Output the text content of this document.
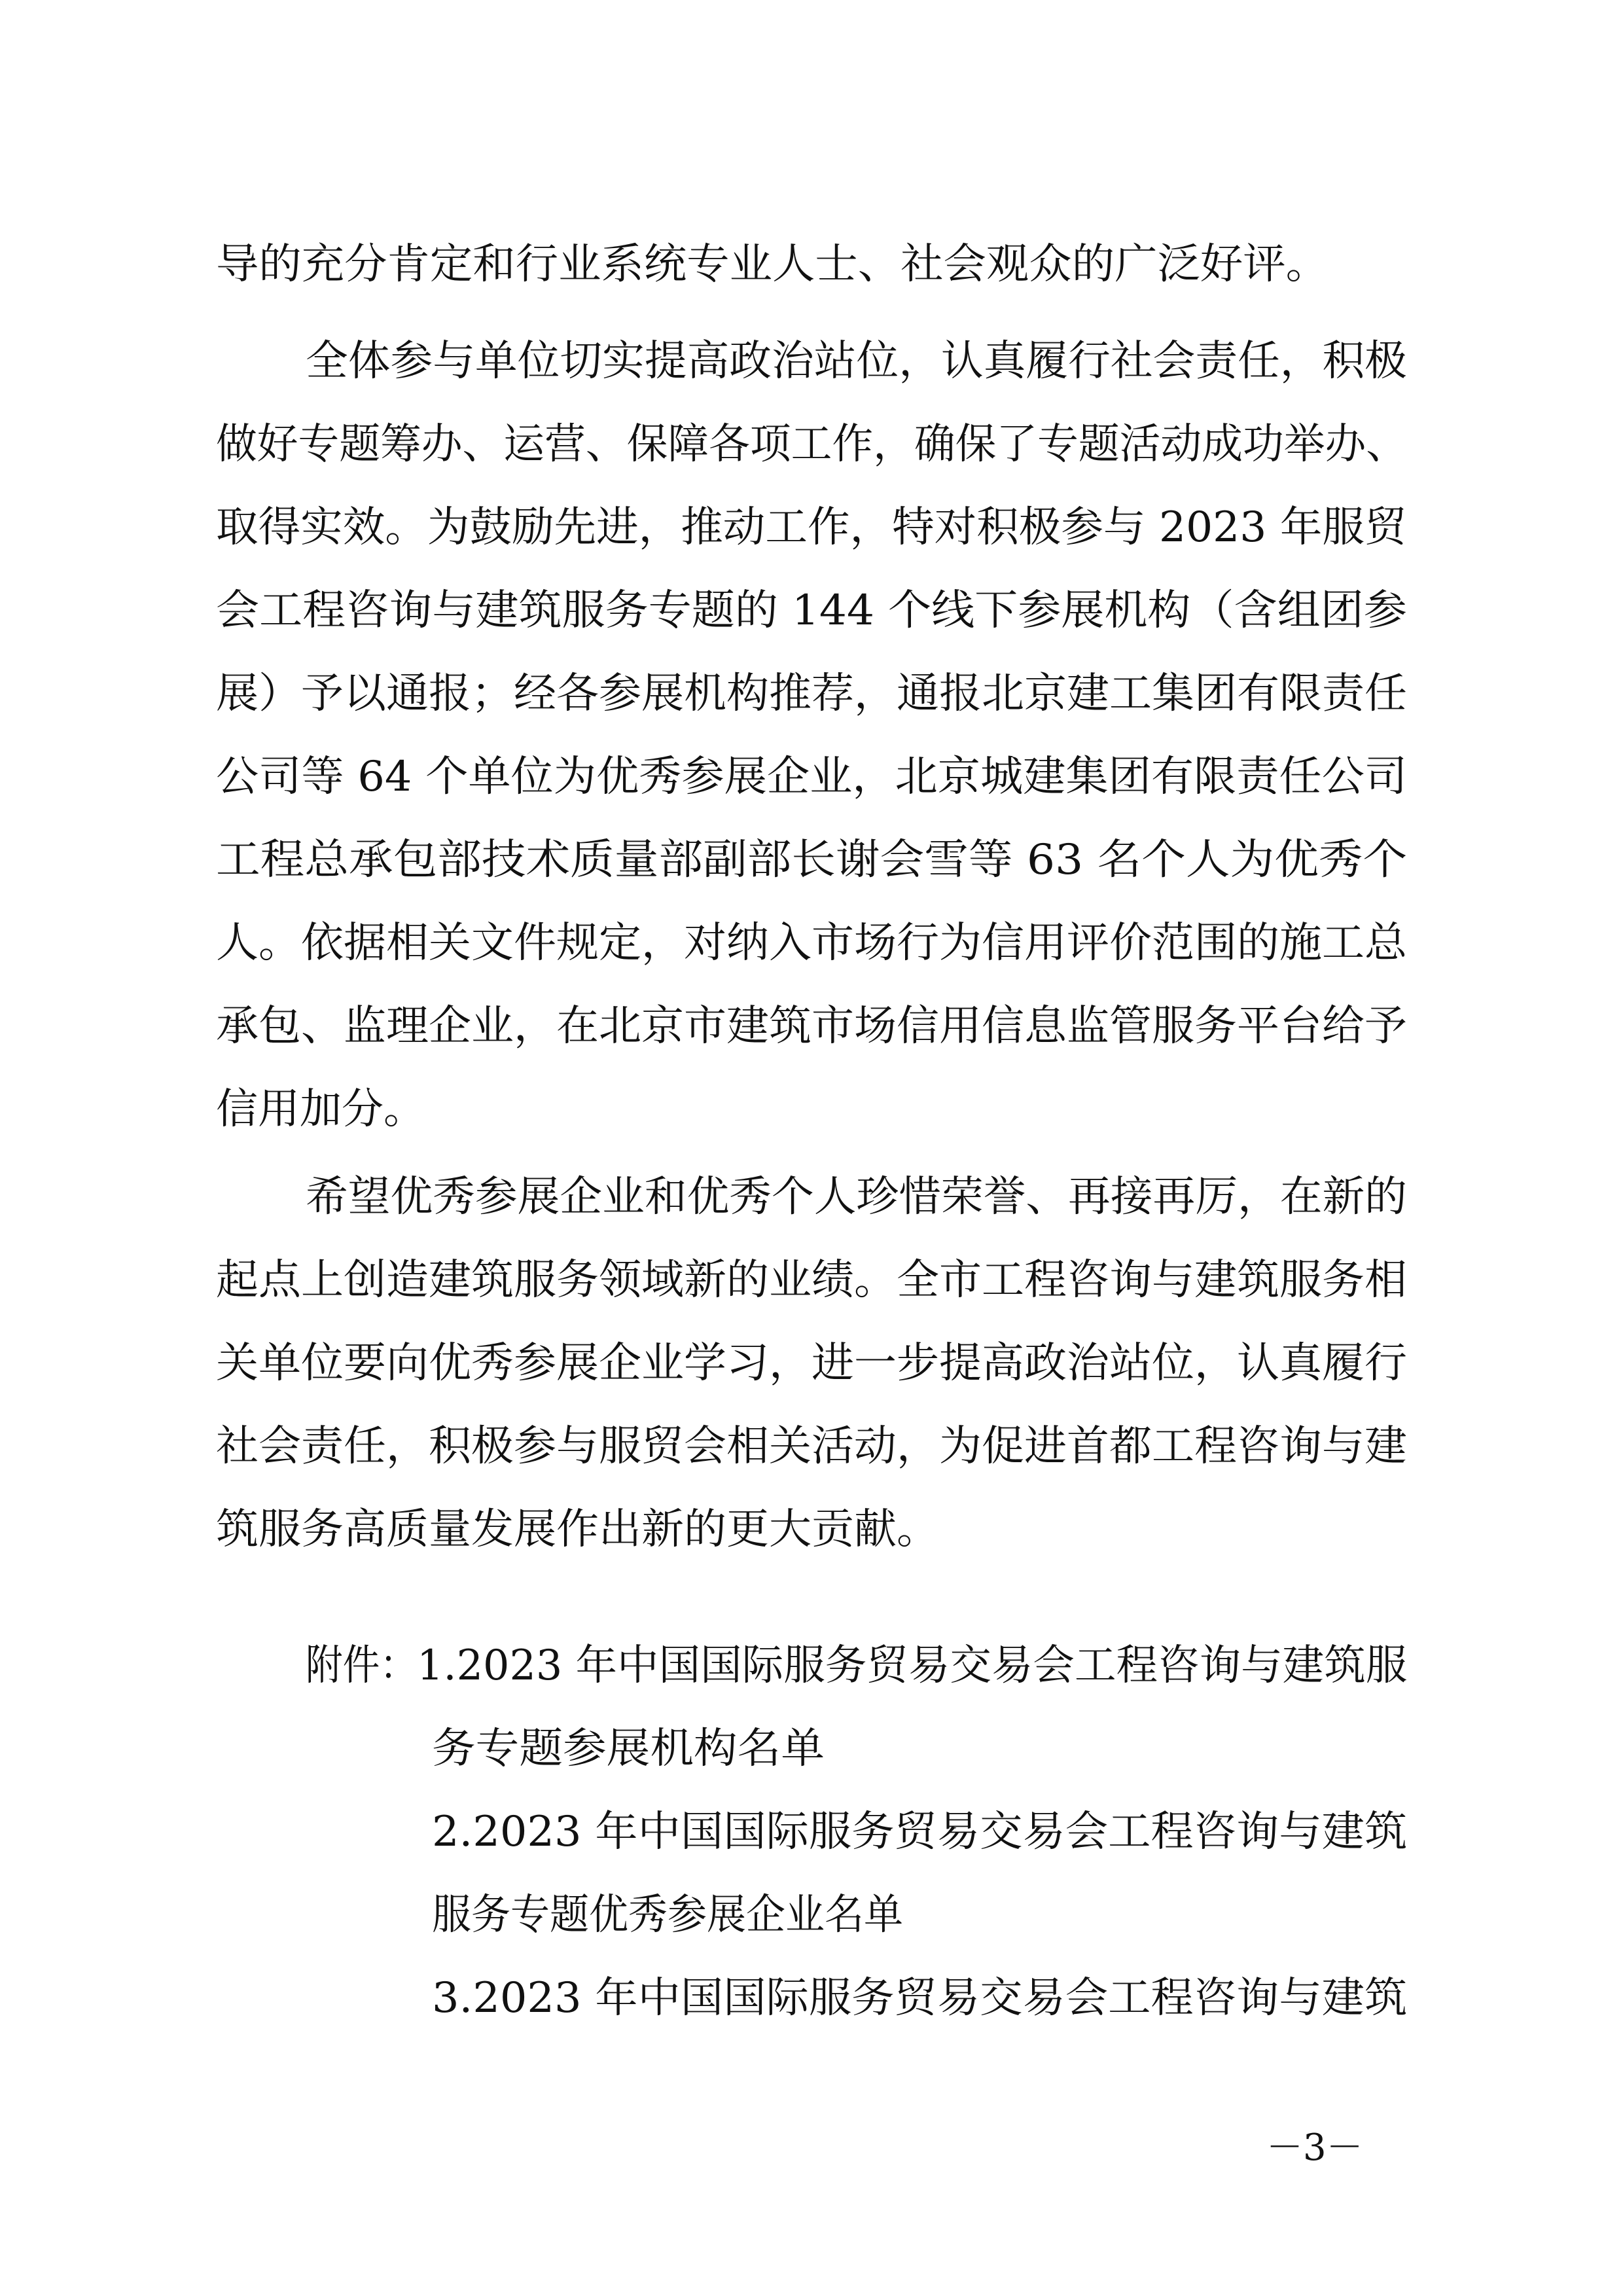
导的充分肯定和行业系统专业人士、社会观众的广泛好评。
全体参与单位切实提高政治站位，认真履行社会责任，积极
做好专题筹办、运营、保障各项工作，确保了专题活动成功举办、
取得实效。为鼓励先进，推动工作，特对积极参与 2023 年服贸
会工程咨询与建筑服务专题的 144 个线下参展机构（含组团参
展）予以通报；经各参展机构推荐，通报北京建工集团有限责任
公司等 64 个单位为优秀参展企业，北京城建集团有限责任公司
工程总承包部技术质量部副部长谢会雪等 63 名个人为优秀个
人。依据相关文件规定，对纳入市场行为信用评价范围的施工总
承包、监理企业，在北京市建筑市场信用信息监管服务平台给予
信用加分。
希望优秀参展企业和优秀个人珍惜荣誉、再接再厉，在新的
起点上创造建筑服务领域新的业绩。全市工程咨询与建筑服务相
关单位要向优秀参展企业学习，进一步提高政治站位，认真履行
社会责任，积极参与服贸会相关活动，为促进首都工程咨询与建
筑服务高质量发展作出新的更大贡献。
附件： 1.2023 年中国国际服务贸易交易会工程咨询与建筑服
务专题参展机构名单
2.2023 年中国国际服务贸易交易会工程咨询与建筑
服务专题优秀参展企业名单
3.2023 年中国国际服务贸易交易会工程咨询与建筑
－3－
